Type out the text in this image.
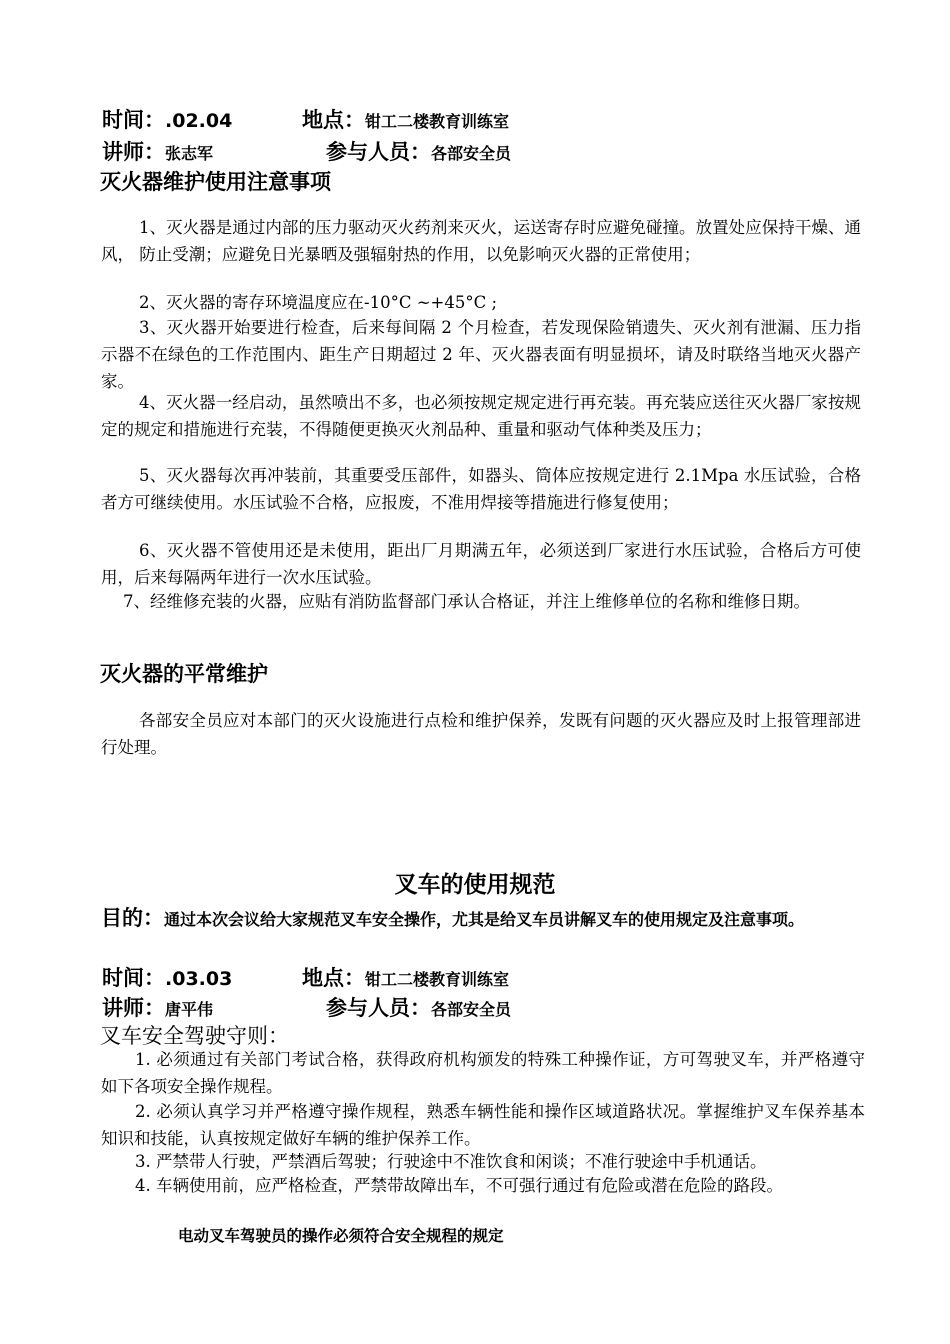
时间：.02.04	地点：钳工二楼教育训练室
讲师：张志军	参与人员：各部安全员
灭火器维护使用注意事项
1、灭火器是通过内部的压力驱动灭火药剂来灭火，运送寄存时应避免碰撞。放置处应保持干燥、通风， 防止受潮；应避免日光暴晒及强辐射热的作用，以免影响灭火器的正常使用；
2、灭火器的寄存环境温度应在-10°C ~+45°C ;
3、灭火器开始要进行检查，后来每间隔 2 个月检查，若发现保险销遗失、灭火剂有泄漏、压力指示器不在绿色的工作范围内、距生产日期超过 2 年、灭火器表面有明显损坏，请及时联络当地灭火器产家。
4、灭火器一经启动，虽然喷出不多，也必须按规定规定进行再充装。再充装应送往灭火器厂家按规定的规定和措施进行充装，不得随便更换灭火剂品种、重量和驱动气体种类及压力；
5、灭火器每次再冲装前，其重要受压部件，如器头、筒体应按规定进行 2.1Mpa 水压试验，合格者方可继续使用。水压试验不合格，应报废，不准用焊接等措施进行修复使用；
6、灭火器不管使用还是未使用，距出厂月期满五年，必须送到厂家进行水压试验，合格后方可使用，后来每隔两年进行一次水压试验。
7、经维修充装的火器，应贴有消防监督部门承认合格证，并注上维修单位的名称和维修日期。
灭火器的平常维护
各部安全员应对本部门的灭火设施进行点检和维护保养，发既有问题的灭火器应及时上报管理部进行处理。
叉车的使用规范
目的：通过本次会议给大家规范叉车安全操作，尤其是给叉车员讲解叉车的使用规定及注意事项。
时间：.03.03	地点：钳工二楼教育训练室
讲师：唐平伟	参与人员：各部安全员
叉车安全驾驶守则：
1. 必须通过有关部门考试合格，获得政府机构颁发的特殊工种操作证，方可驾驶叉车，并严格遵守如下各项安全操作规程。
2. 必须认真学习并严格遵守操作规程，熟悉车辆性能和操作区域道路状况。掌握维护叉车保养基本知识和技能，认真按规定做好车辆的维护保养工作。
3. 严禁带人行驶，严禁酒后驾驶；行驶途中不准饮食和闲谈；不准行驶途中手机通话。
4. 车辆使用前，应严格检查，严禁带故障出车，不可强行通过有危险或潜在危险的路段。
电动叉车驾驶员的操作必须符合安全规程的规定
